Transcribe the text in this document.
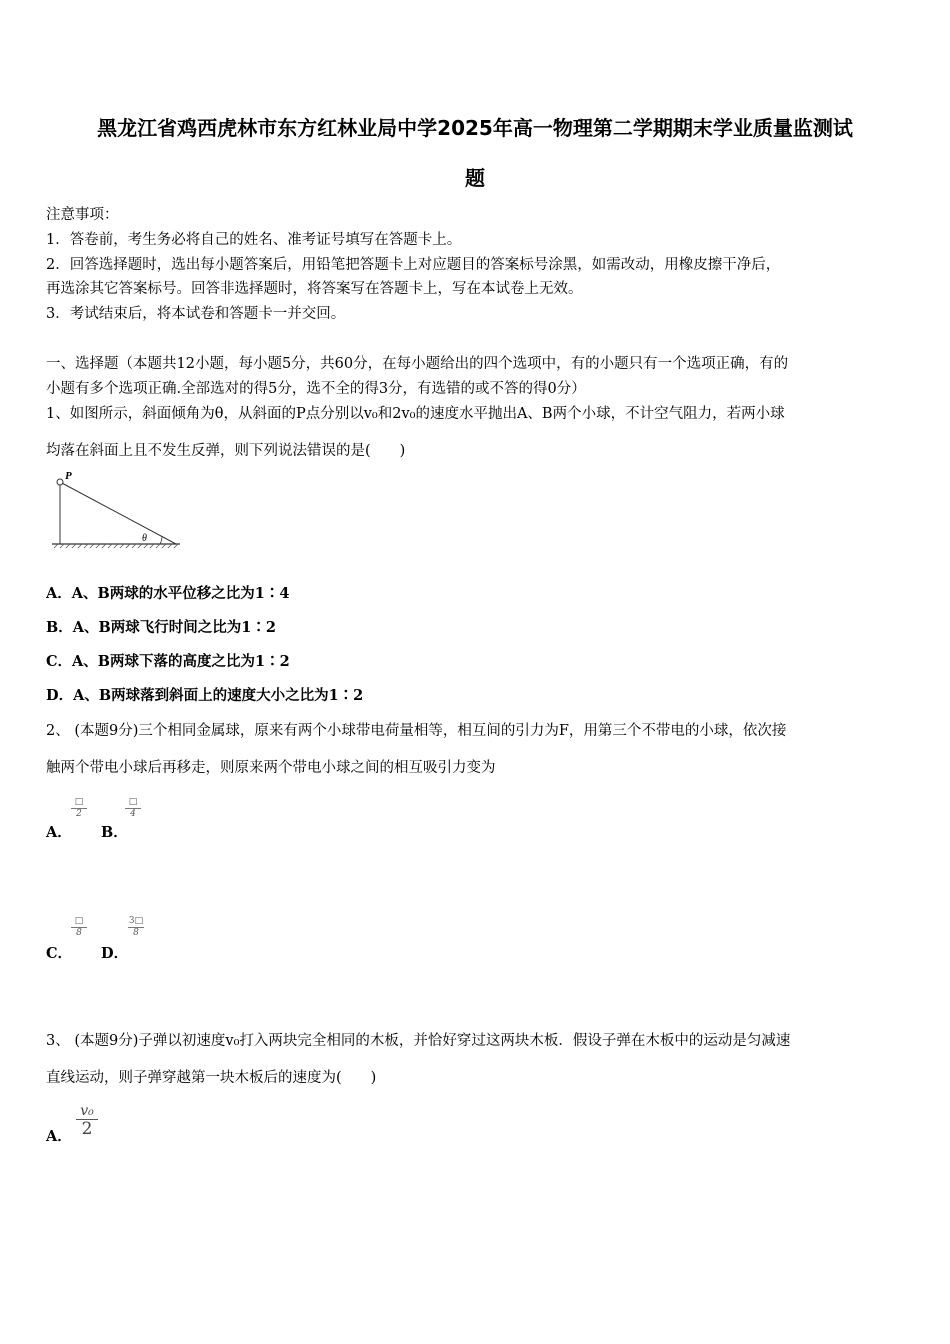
黑龙江省鸡西虎林市东方红林业局中学2025年高一物理第二学期期末学业质量监测试
题
注意事项：
1．答卷前，考生务必将自己的姓名、准考证号填写在答题卡上。
2．回答选择题时，选出每小题答案后，用铅笔把答题卡上对应题目的答案标号涂黑，如需改动，用橡皮擦干净后，
再选涂其它答案标号。回答非选择题时，将答案写在答题卡上，写在本试卷上无效。
3．考试结束后，将本试卷和答题卡一并交回。
一、选择题（本题共12小题，每小题5分，共60分，在每小题给出的四个选项中，有的小题只有一个选项正确，有的
小题有多个选项正确.全部选对的得5分，选不全的得3分，有选错的或不答的得0分）
1、如图所示，斜面倾角为θ，从斜面的P点分别以v₀和2v₀的速度水平抛出A、B两个小球，不计空气阻力，若两小球
均落在斜面上且不发生反弹，则下列说法错误的是(　　)
P
θ
A．A、B两球的水平位移之比为1∶4
B．A、B两球飞行时间之比为1∶2
C．A、B两球下落的高度之比为1∶2
D．A、B两球落到斜面上的速度大小之比为1∶2
2、 (本题9分)三个相同金属球，原来有两个小球带电荷量相等，相互间的引力为F，用第三个不带电的小球，依次接
触两个带电小球后再移走，则原来两个带电小球之间的相互吸引力变为
A．
□
2
B．
□
4
C．
□
8
D．
$\frac{3□}{8}$
3、 (本题9分)子弹以初速度v₀打入两块完全相同的木板，并恰好穿过这两块木板．假设子弹在木板中的运动是匀减速
直线运动，则子弹穿越第一块木板后的速度为(　　)
A．
v₀
2
